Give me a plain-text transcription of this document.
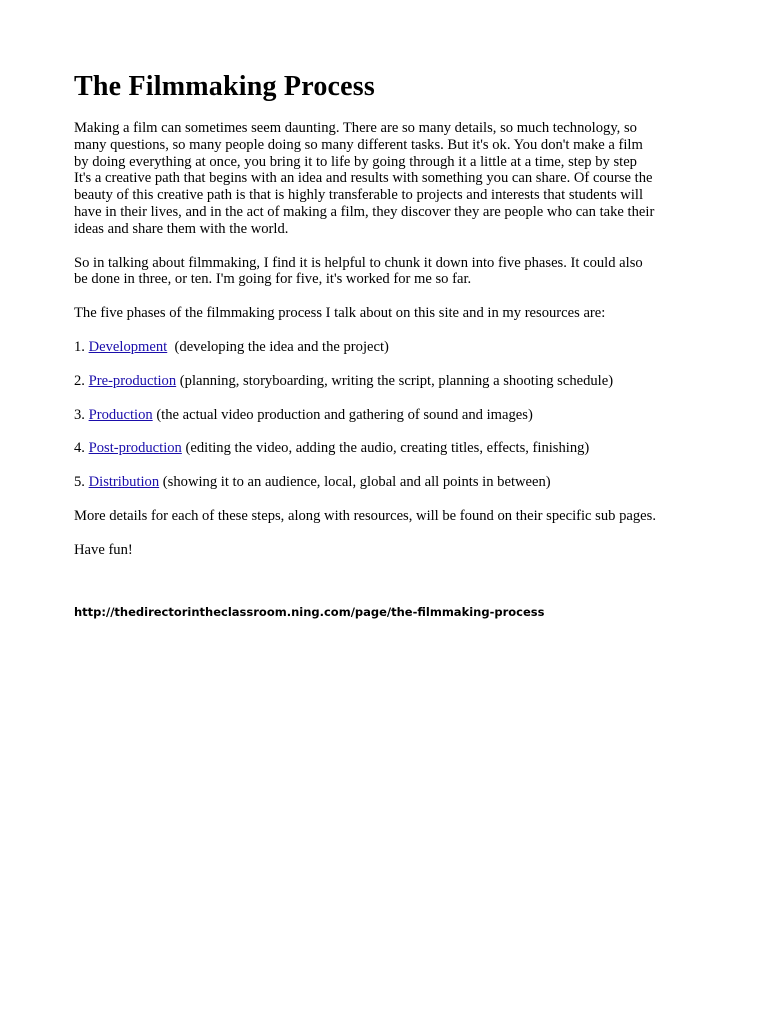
The Filmmaking Process

Making a film can sometimes seem daunting. There are so many details, so much technology, so
many questions, so many people doing so many different tasks. But it's ok. You don't make a film
by doing everything at once, you bring it to life by going through it a little at a time, step by step
It's a creative path that begins with an idea and results with something you can share. Of course the
beauty of this creative path is that is highly transferable to projects and interests that students will
have in their lives, and in the act of making a film, they discover they are people who can take their
ideas and share them with the world.

So in talking about filmmaking, I find it is helpful to chunk it down into five phases. It could also
be done in three, or ten. I'm going for five, it's worked for me so far.

The five phases of the filmmaking process I talk about on this site and in my resources are:

1. Development  (developing the idea and the project)

2. Pre-production (planning, storyboarding, writing the script, planning a shooting schedule)

3. Production (the actual video production and gathering of sound and images)

4. Post-production (editing the video, adding the audio, creating titles, effects, finishing)

5. Distribution (showing it to an audience, local, global and all points in between)

More details for each of these steps, along with resources, will be found on their specific sub pages.

Have fun!

http://thedirectorintheclassroom.ning.com/page/the-filmmaking-process
